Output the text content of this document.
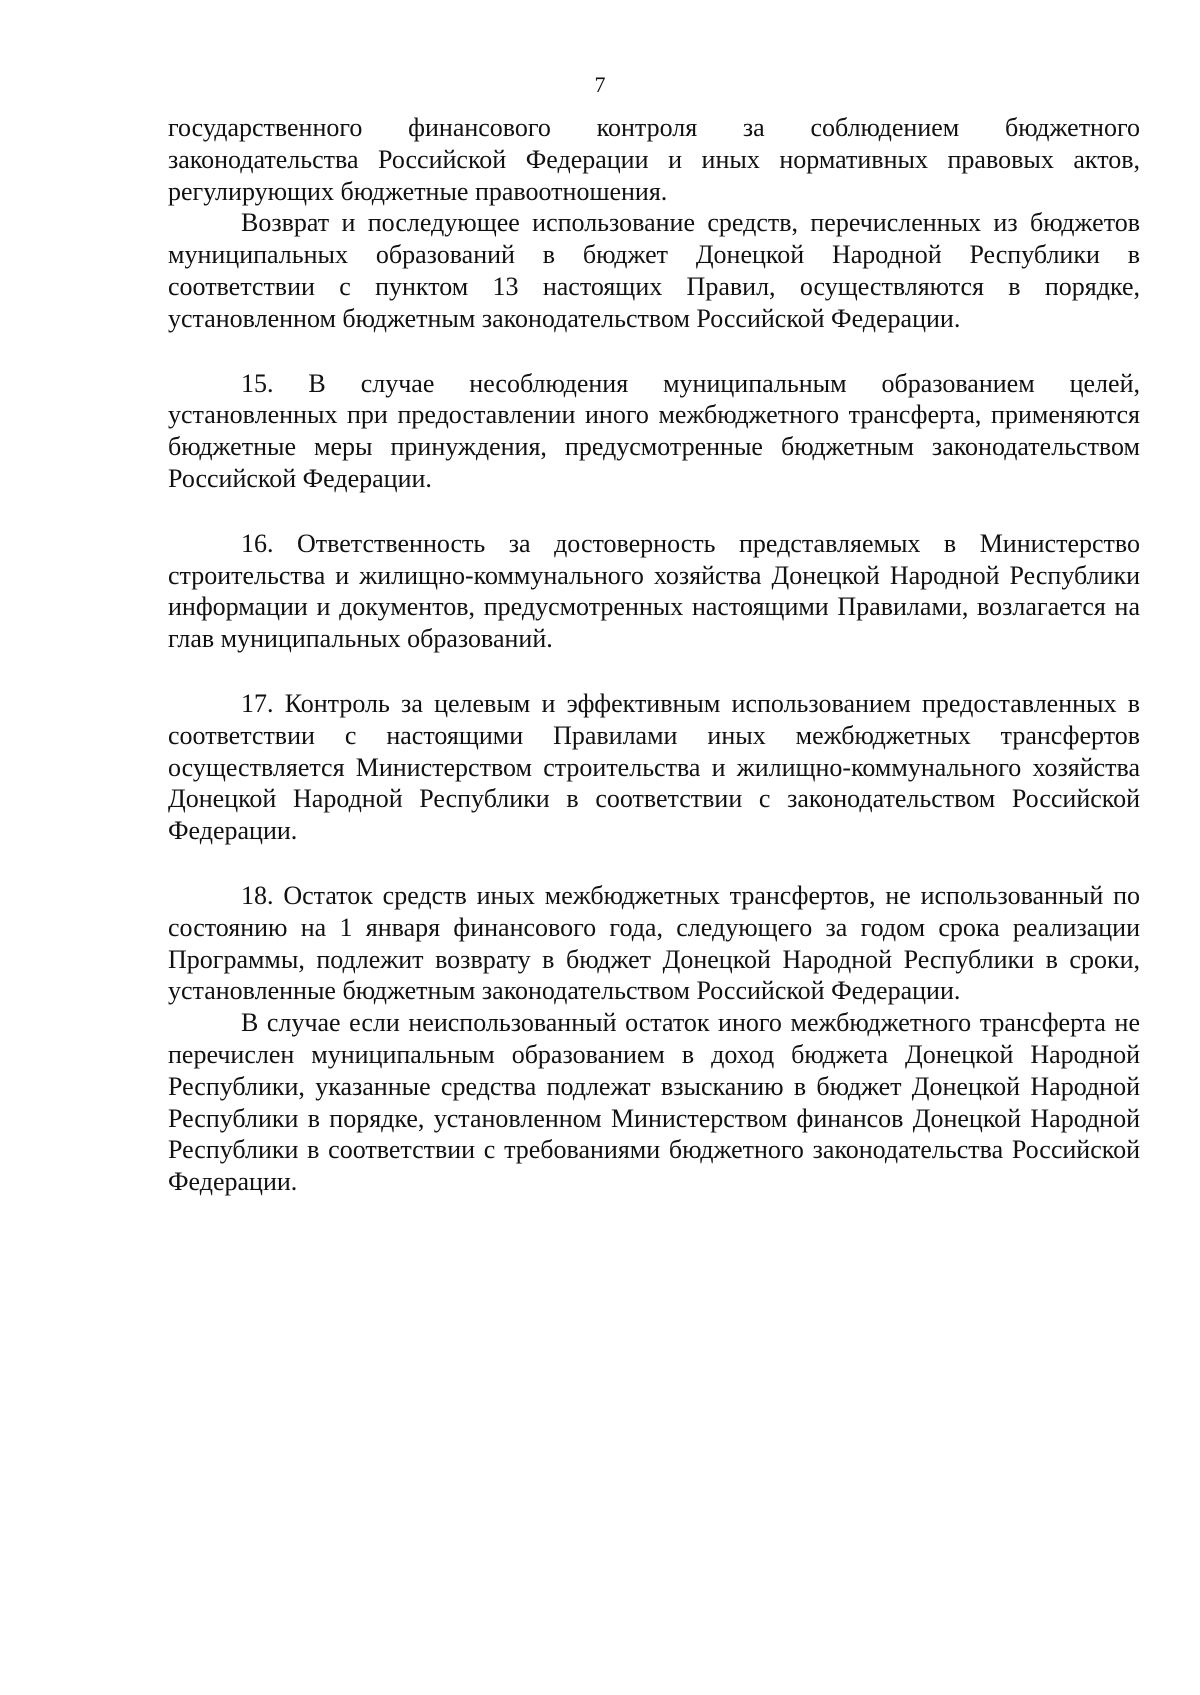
7

государственного финансового контроля за соблюдением бюджетного законодательства Российской Федерации и иных нормативных правовых актов, регулирующих бюджетные правоотношения.

Возврат и последующее использование средств, перечисленных из бюджетов муниципальных образований в бюджет Донецкой Народной Республики в соответствии с пунктом 13 настоящих Правил, осуществляются в порядке, установленном бюджетным законодательством Российской Федерации.

15. В случае несоблюдения муниципальным образованием целей, установленных при предоставлении иного межбюджетного трансферта, применяются бюджетные меры принуждения, предусмотренные бюджетным законодательством Российской Федерации.

16. Ответственность за достоверность представляемых в Министерство строительства и жилищно-коммунального хозяйства Донецкой Народной Республики информации и документов, предусмотренных настоящими Правилами, возлагается на глав муниципальных образований.

17. Контроль за целевым и эффективным использованием предоставленных в соответствии с настоящими Правилами иных межбюджетных трансфертов осуществляется Министерством строительства и жилищно-коммунального хозяйства Донецкой Народной Республики в соответствии с законодательством Российской Федерации.

18. Остаток средств иных межбюджетных трансфертов, не использованный по состоянию на 1 января финансового года, следующего за годом срока реализации Программы, подлежит возврату в бюджет Донецкой Народной Республики в сроки, установленные бюджетным законодательством Российской Федерации.

В случае если неиспользованный остаток иного межбюджетного трансферта не перечислен муниципальным образованием в доход бюджета Донецкой Народной Республики, указанные средства подлежат взысканию в бюджет Донецкой Народной Республики в порядке, установленном Министерством финансов Донецкой Народной Республики в соответствии с требованиями бюджетного законодательства Российской Федерации.
